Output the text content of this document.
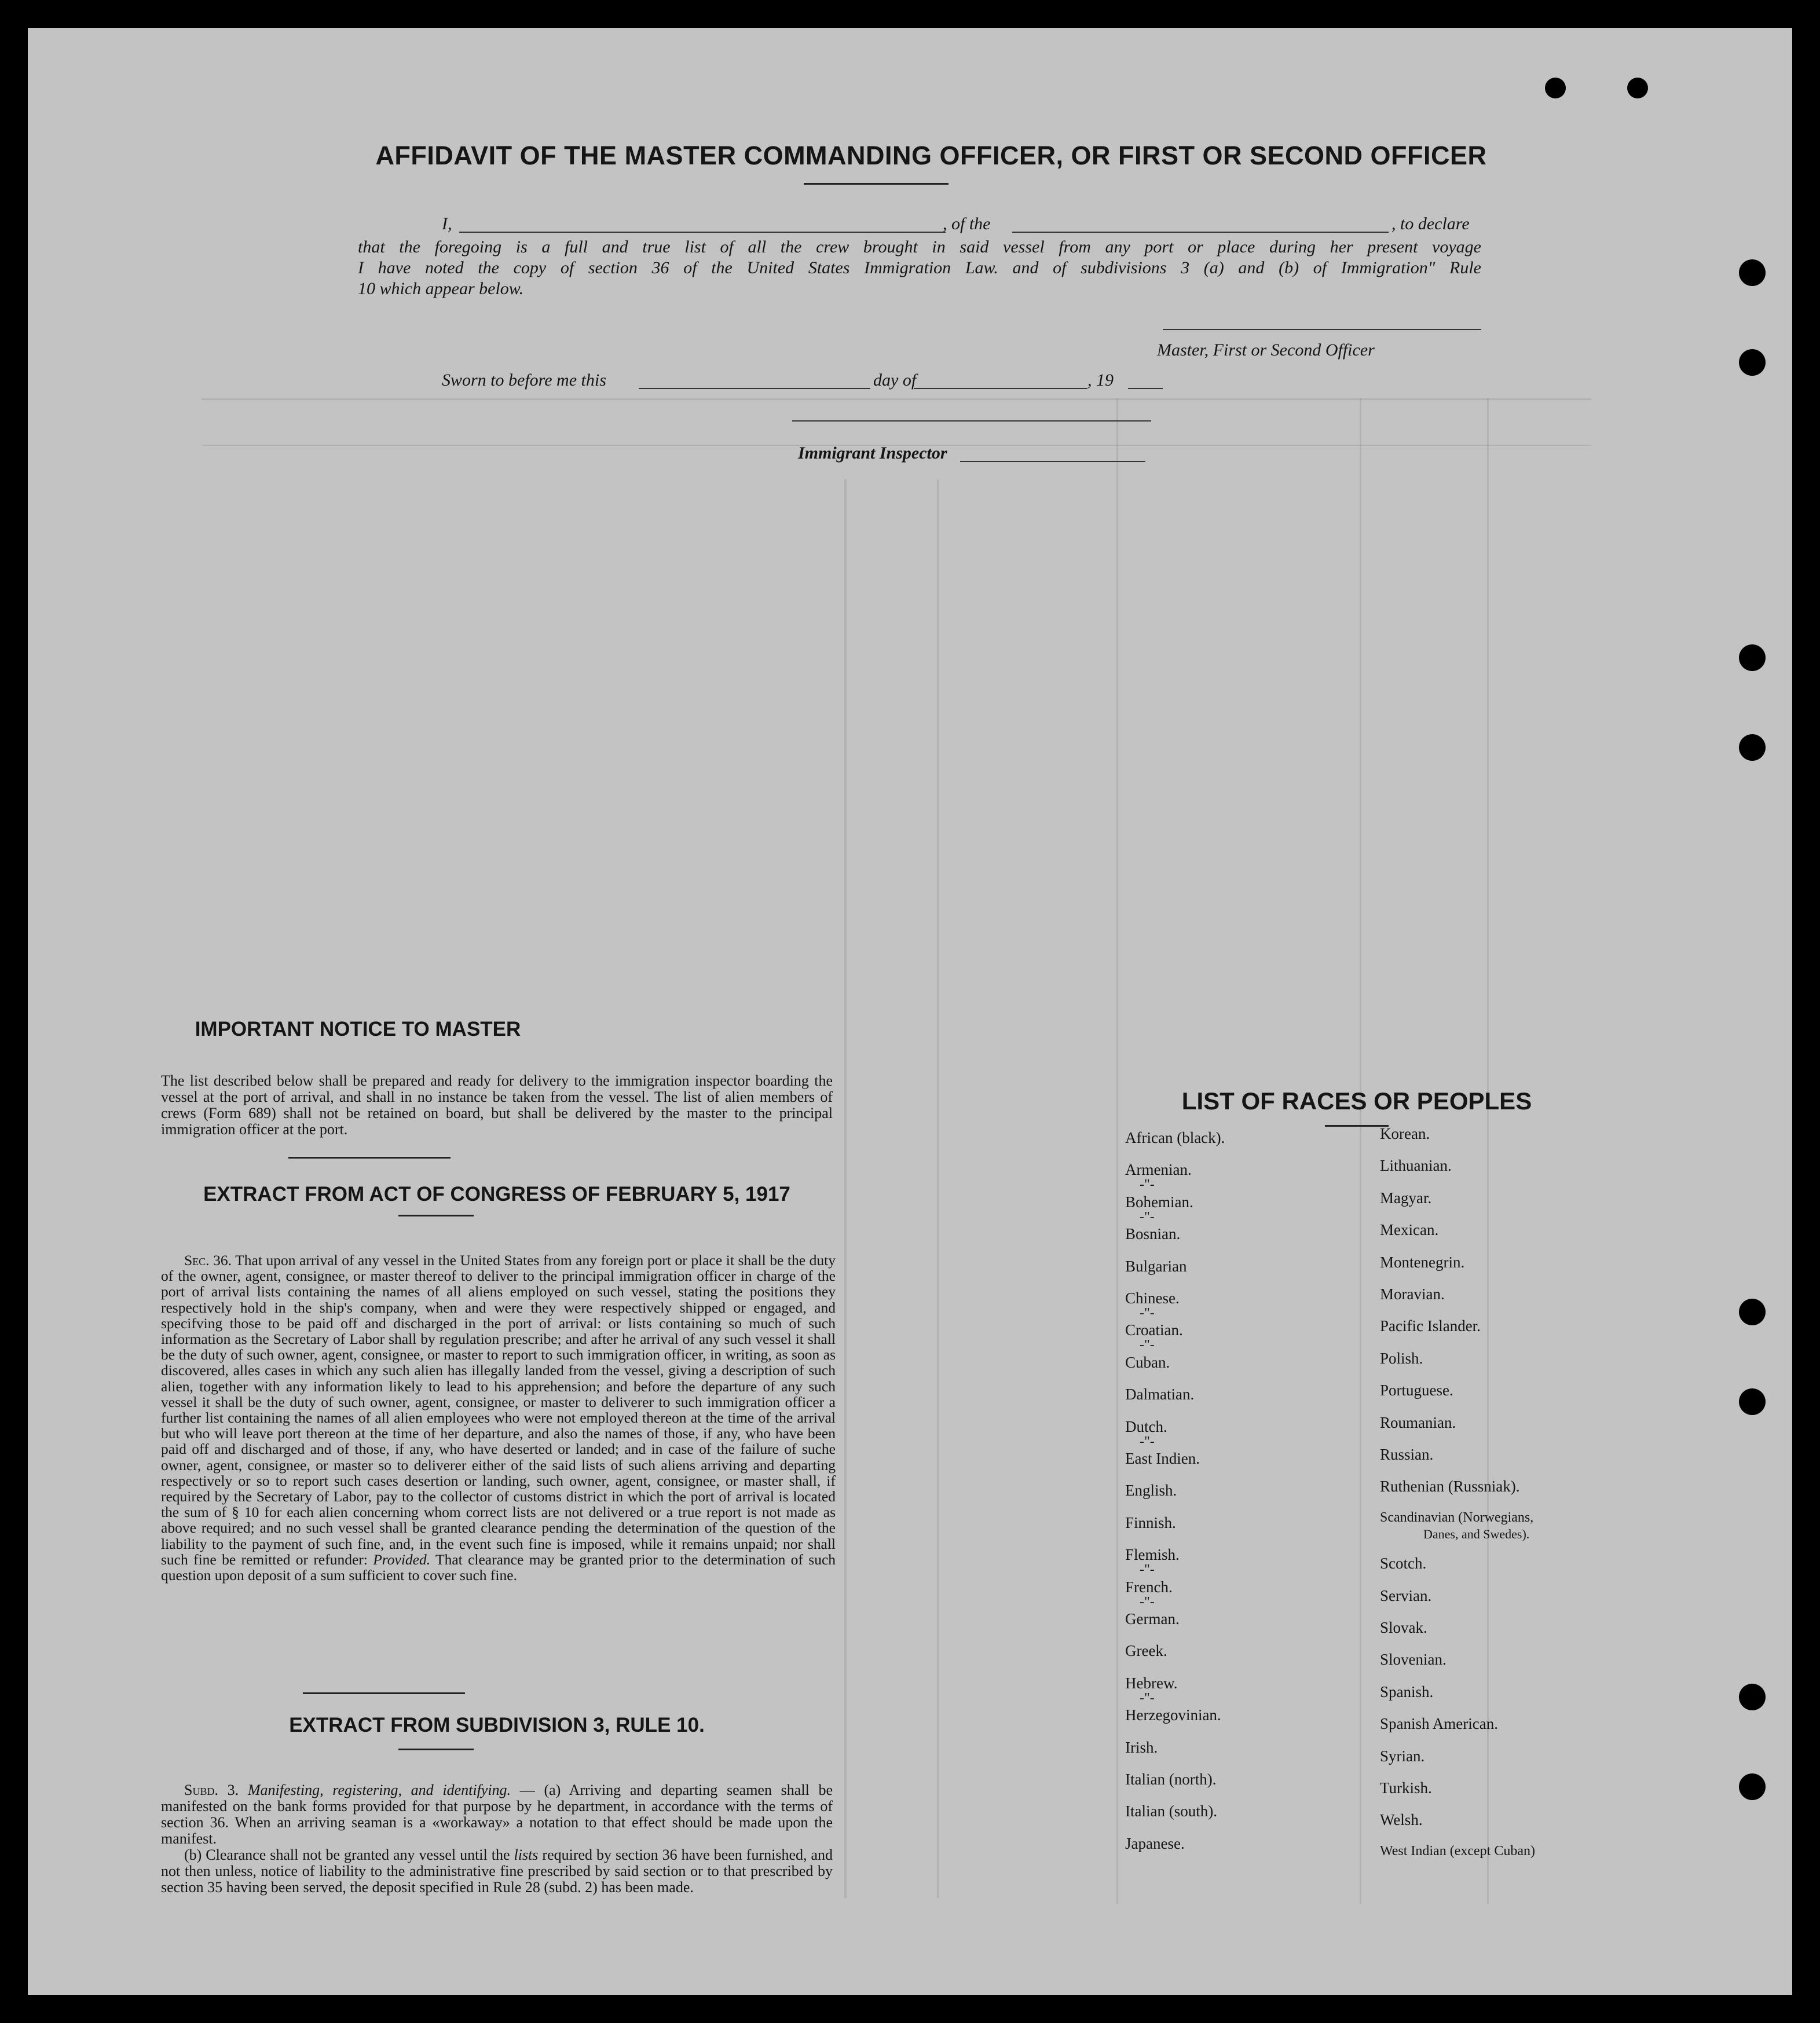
AFFIDAVIT OF THE MASTER COMMANDING OFFICER, OR FIRST OR SECOND OFFICER
I,	, of the	, to declare
that the foregoing is a full and true list of all the crew brought in said vessel from any port or place during her present voyage
I have noted the copy of section 36 of the United States Immigration Law. and of subdivisions 3 (a) and (b) of Immigration" Rule
10 which appear below.
Master, First or Second Officer
Sworn to before me this	day of	, 19
Immigrant Inspector
IMPORTANT NOTICE TO MASTER
The list described below shall be prepared and ready for delivery to the immigration inspector boarding the vessel at the port of arrival, and shall in no instance be taken from the vessel. The list of alien members of crews (Form 689) shall not be retained on board, but shall be delivered by the master to the principal immigration officer at the port.
EXTRACT FROM ACT OF CONGRESS OF FEBRUARY 5, 1917
Sec. 36. That upon arrival of any vessel in the United States from any foreign port or place it shall be the duty of the owner, agent, consignee, or master thereof to deliver to the principal immigration officer in charge of the port of arrival lists containing the names of all aliens employed on such vessel, stating the positions they respectively hold in the ship's company, when and were they were respectively shipped or engaged, and specifving those to be paid off and discharged in the port of arrival: or lists containing so much of such information as the Secretary of Labor shall by regulation prescribe; and after he arrival of any such vessel it shall be the duty of such owner, agent, consignee, or master to report to such immigration officer, in writing, as soon as discovered, alles cases in which any such alien has illegally landed from the vessel, giving a description of such alien, together with any information likely to lead to his apprehension; and before the departure of any such vessel it shall be the duty of such owner, agent, consignee, or master to deliverer to such immigration officer a further list containing the names of all alien employees who were not employed thereon at the time of the arrival but who will leave port thereon at the time of her departure, and also the names of those, if any, who have been paid off and discharged and of those, if any, who have deserted or landed; and in case of the failure of suche owner, agent, consignee, or master so to deliverer either of the said lists of such aliens arriving and departing respectively or so to report such cases desertion or landing, such owner, agent, consignee, or master shall, if required by the Secretary of Labor, pay to the collector of customs district in which the port of arrival is located the sum of § 10 for each alien concerning whom correct lists are not delivered or a true report is not made as above required; and no such vessel shall be granted clearance pending the determination of the question of the liability to the payment of such fine, and, in the event such fine is imposed, while it remains unpaid; nor shall such fine be remitted or refunder: Provided. That clearance may be granted prior to the determination of such question upon deposit of a sum sufficient to cover such fine.
EXTRACT FROM SUBDIVISION 3, RULE 10.
Subd. 3. Manifesting, registering, and identifying. — (a) Arriving and departing seamen shall be manifested on the bank forms provided for that purpose by he department, in accordance with the terms of section 36. When an arriving seaman is a «workaway» a notation to that effect should be made upon the manifest.
(b) Clearance shall not be granted any vessel until the lists required by section 36 have been furnished, and not then unless, notice of liability to the administrative fine prescribed by said section or to that prescribed by section 35 having been served, the deposit specified in Rule 28 (subd. 2) has been made.
LIST OF RACES OR PEOPLES
African (black).
Armenian.
-"-
Bohemian.
-"-
Bosnian.
Bulgarian
Chinese.
-"-
Croatian.
-"-
Cuban.
Dalmatian.
Dutch.
-"-
East Indien.
English.
Finnish.
Flemish.
-"-
French.
-"-
German.
Greek.
Hebrew.
-"-
Herzegovinian.
Irish.
Italian (north).
Italian (south).
Japanese.
Korean.
Lithuanian.
Magyar.
Mexican.
Montenegrin.
Moravian.
Pacific Islander.
Polish.
Portuguese.
Roumanian.
Russian.
Ruthenian (Russniak).
Scandinavian (Norwegians,
Scotch.
Servian.
Slovak.
Slovenian.
Spanish.
Spanish American.
Syrian.
Turkish.
Welsh.
West Indian (except Cuban)
Danes, and Swedes).
